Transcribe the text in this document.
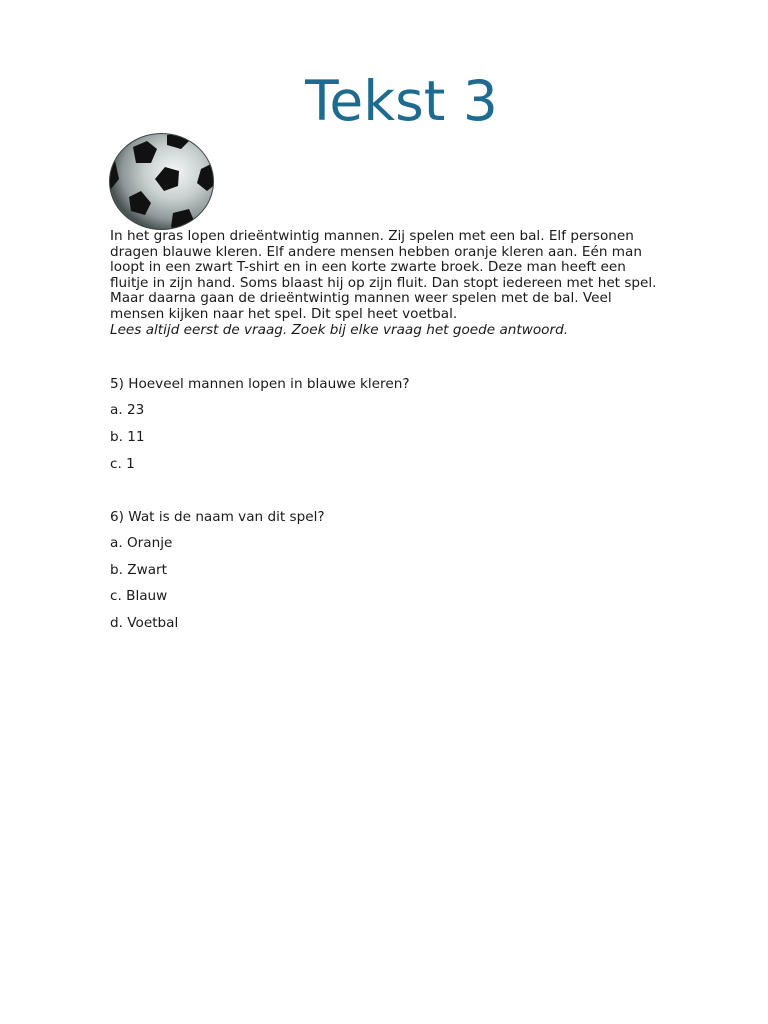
Tekst 3

In het gras lopen drieëntwintig mannen. Zij spelen met een bal. Elf personen
dragen blauwe kleren. Elf andere mensen hebben oranje kleren aan. Eén man
loopt in een zwart T-shirt en in een korte zwarte broek. Deze man heeft een
fluitje in zijn hand. Soms blaast hij op zijn fluit. Dan stopt iedereen met het spel.
Maar daarna gaan de drieëntwintig mannen weer spelen met de bal. Veel
mensen kijken naar het spel. Dit spel heet voetbal.
Lees altijd eerst de vraag. Zoek bij elke vraag het goede antwoord.

5) Hoeveel mannen lopen in blauwe kleren?

a. 23

b. 11

c. 1

6) Wat is de naam van dit spel?

a. Oranje

b. Zwart

c. Blauw

d. Voetbal
